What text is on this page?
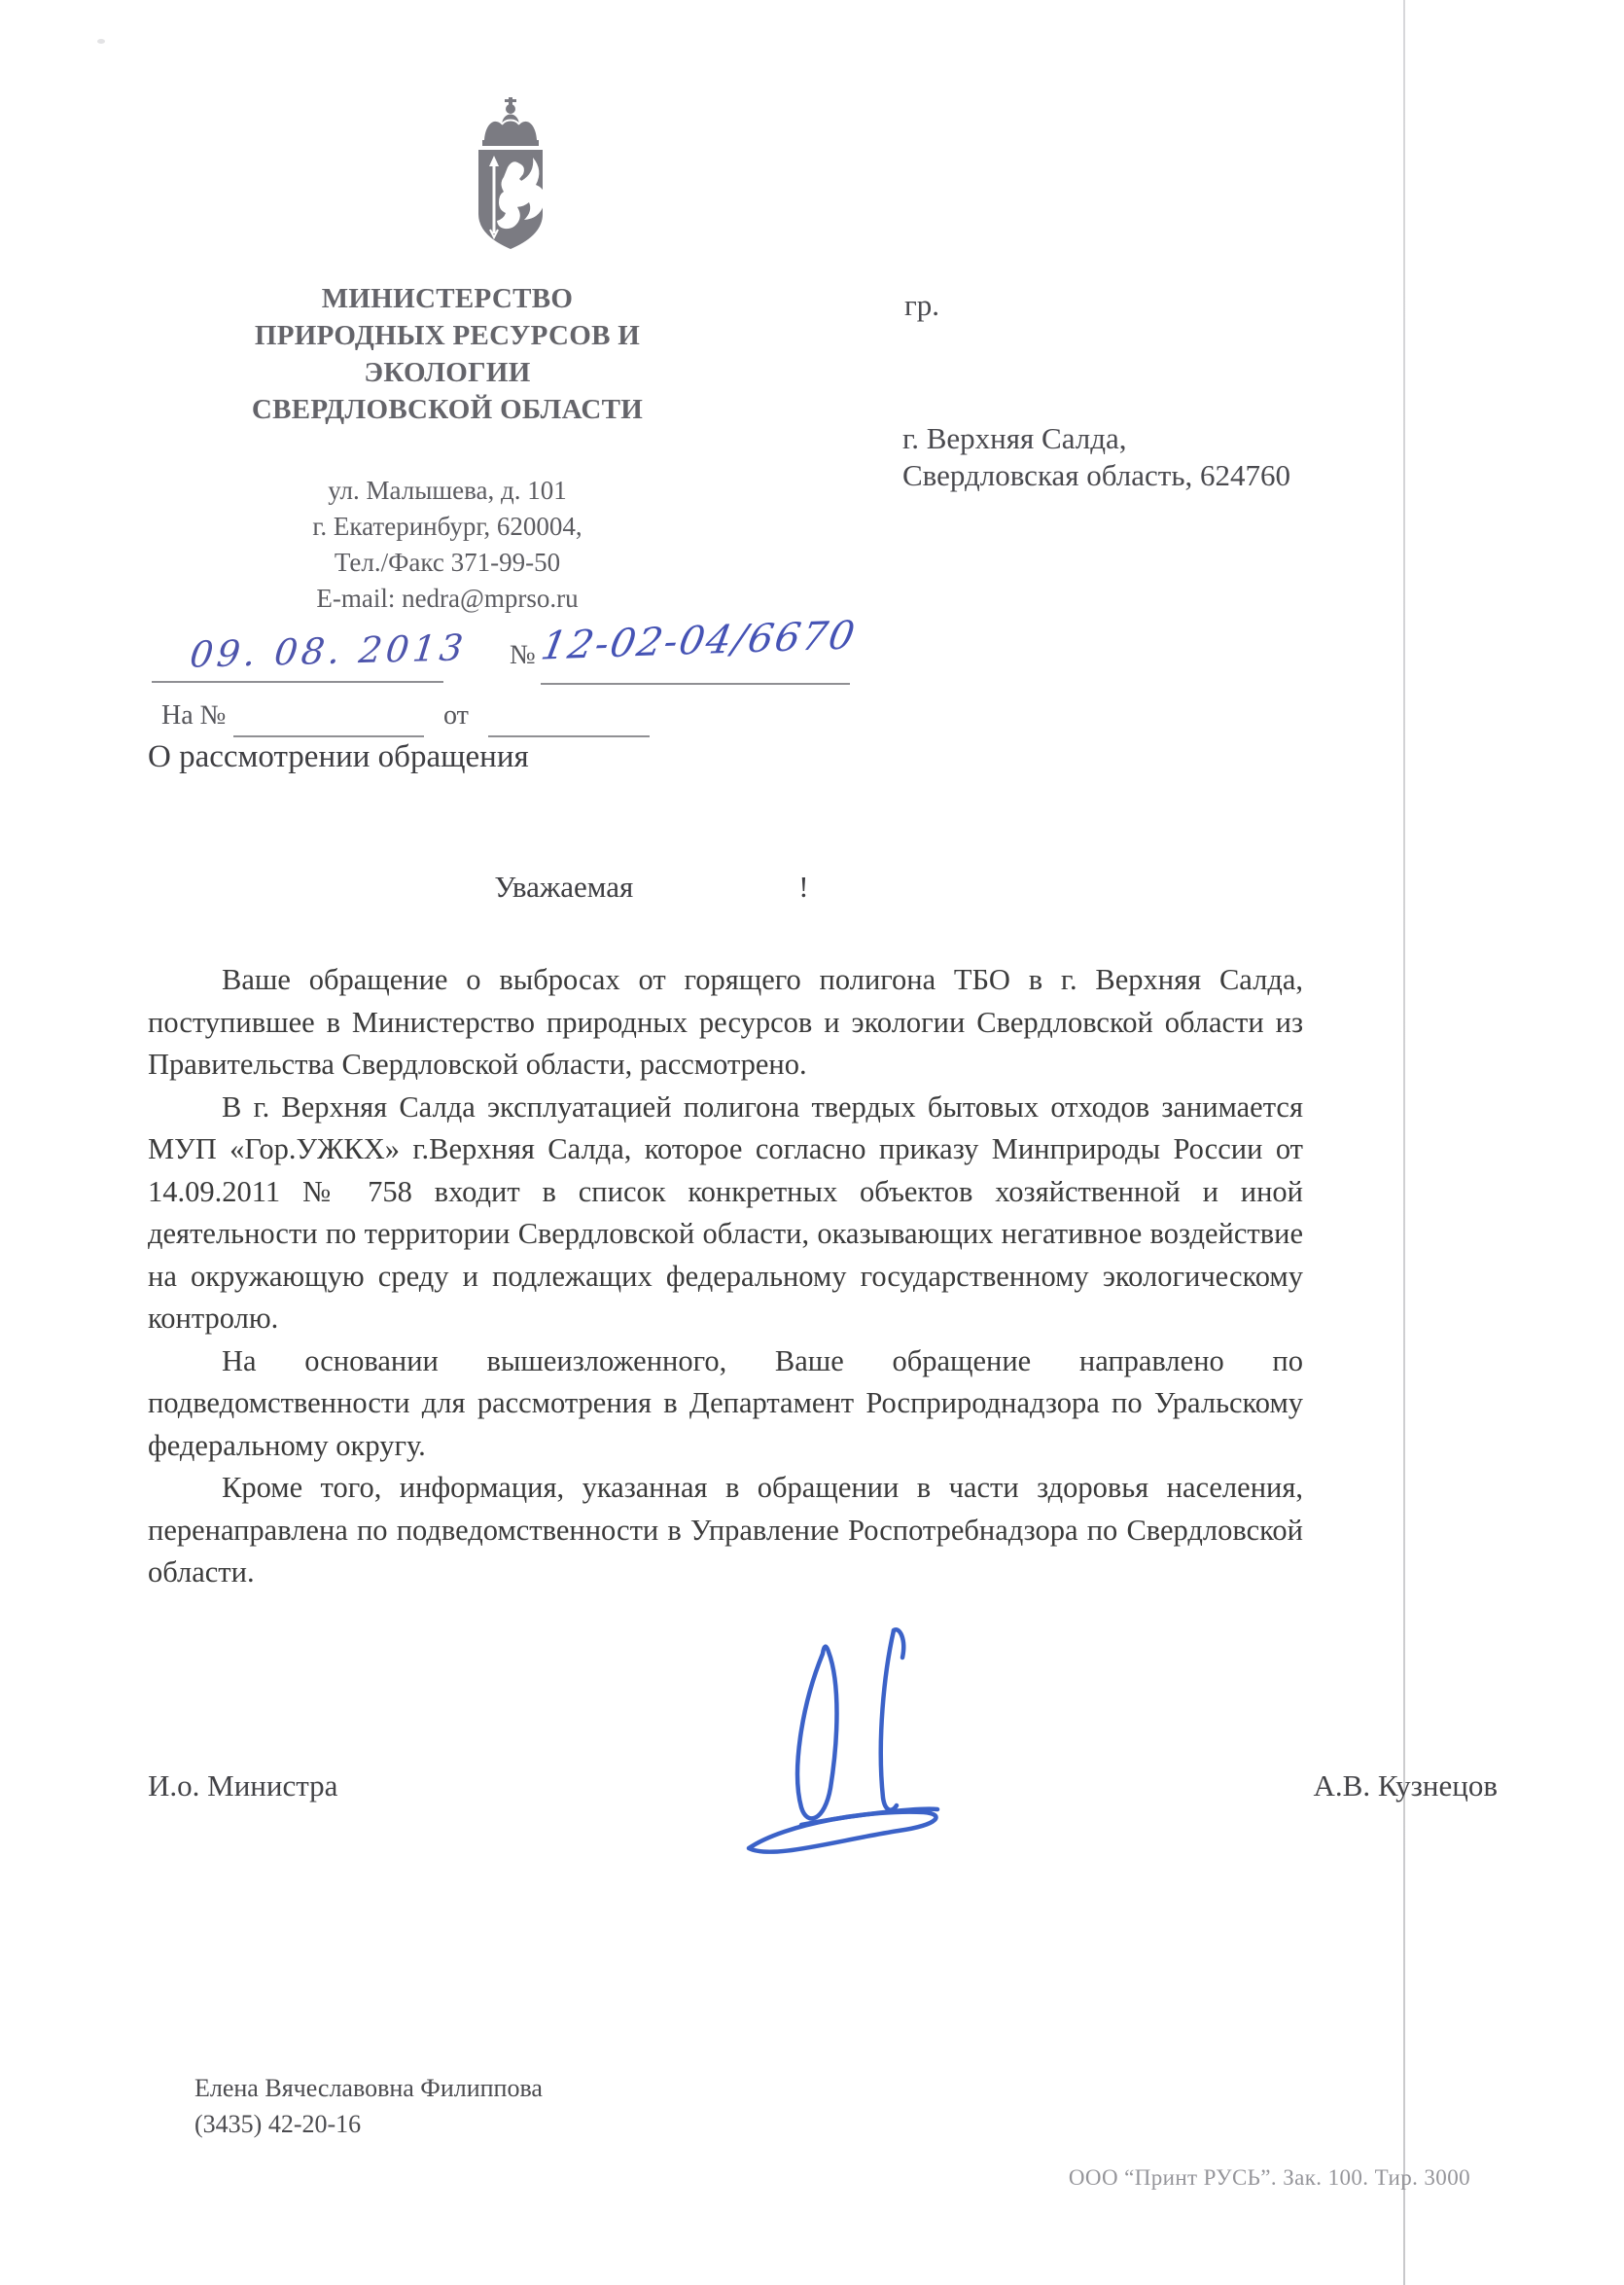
МИНИСТЕРСТВО
ПРИРОДНЫХ РЕСУРСОВ И
ЭКОЛОГИИ
СВЕРДЛОВСКОЙ ОБЛАСТИ
ул. Малышева, д. 101
г. Екатеринбург, 620004,
Тел./Факс 371-99-50
E-mail: nedra@mprso.ru
гр.
г. Верхняя Салда,
Свердловская область, 624760
09. 08. 2013 № 12-02-04/6670
На №	от
О рассмотрении обращения
Уважаемая	!

Ваше обращение о выбросах от горящего полигона ТБО в г. Верхняя Салда, поступившее в Министерство природных ресурсов и экологии Свердловской области из Правительства Свердловской области, рассмотрено.

В г. Верхняя Салда эксплуатацией полигона твердых бытовых отходов занимается МУП «Гор.УЖКХ» г.Верхняя Салда, которое согласно приказу Минприроды России от 14.09.2011 № 758 входит в список конкретных объектов хозяйственной и иной деятельности по территории Свердловской области, оказывающих негативное воздействие на окружающую среду и подлежащих федеральному государственному экологическому контролю.

На основании вышеизложенного, Ваше обращение направлено по подведомственности для рассмотрения в Департамент Росприроднадзора по Уральскому федеральному округу.

Кроме того, информация, указанная в обращении в части здоровья населения, перенаправлена по подведомственности в Управление Роспотребнадзора по Свердловской области.

И.о. Министра	А.В. Кузнецов
Елена Вячеславовна Филиппова
(3435) 42-20-16
ООО “Принт РУСЬ”. Зак. 100. Тир. 3000
